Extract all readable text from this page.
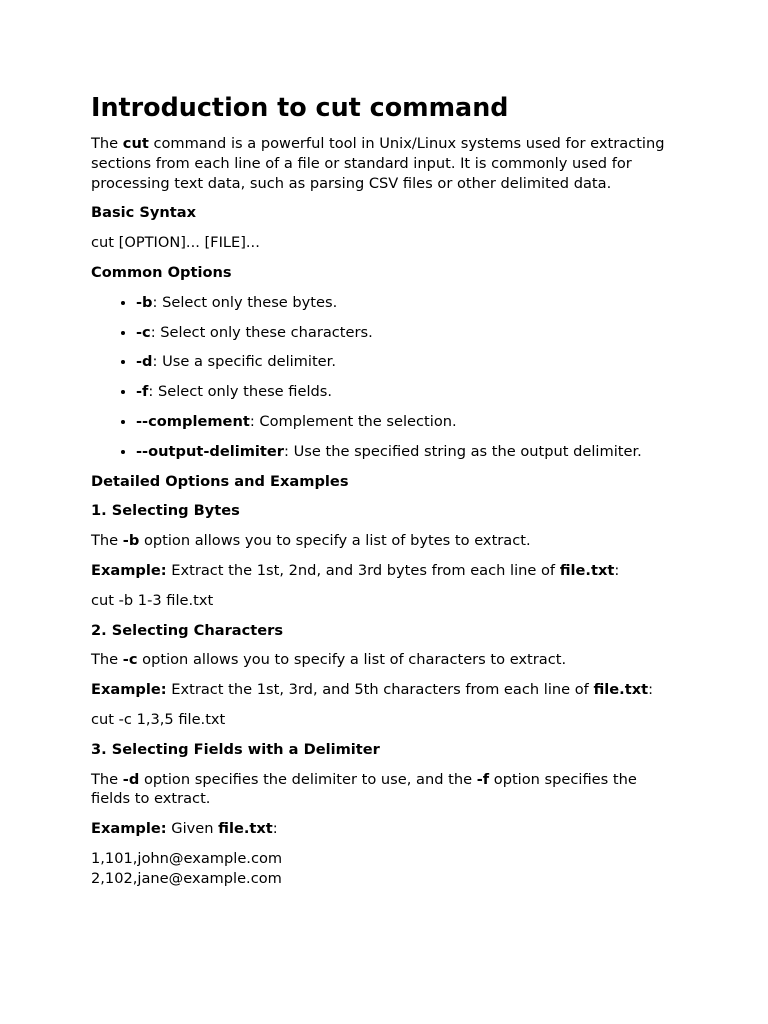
Introduction to cut command

The cut command is a powerful tool in Unix/Linux systems used for extracting sections from each line of a file or standard input. It is commonly used for processing text data, such as parsing CSV files or other delimited data.

Basic Syntax

cut [OPTION]... [FILE]...

Common Options

• -b: Select only these bytes.
• -c: Select only these characters.
• -d: Use a specific delimiter.
• -f: Select only these fields.
• --complement: Complement the selection.
• --output-delimiter: Use the specified string as the output delimiter.

Detailed Options and Examples

1. Selecting Bytes

The -b option allows you to specify a list of bytes to extract.

Example: Extract the 1st, 2nd, and 3rd bytes from each line of file.txt:

cut -b 1-3 file.txt

2. Selecting Characters

The -c option allows you to specify a list of characters to extract.

Example: Extract the 1st, 3rd, and 5th characters from each line of file.txt:

cut -c 1,3,5 file.txt

3. Selecting Fields with a Delimiter

The -d option specifies the delimiter to use, and the -f option specifies the fields to extract.

Example: Given file.txt:

1,101,john@example.com
2,102,jane@example.com
